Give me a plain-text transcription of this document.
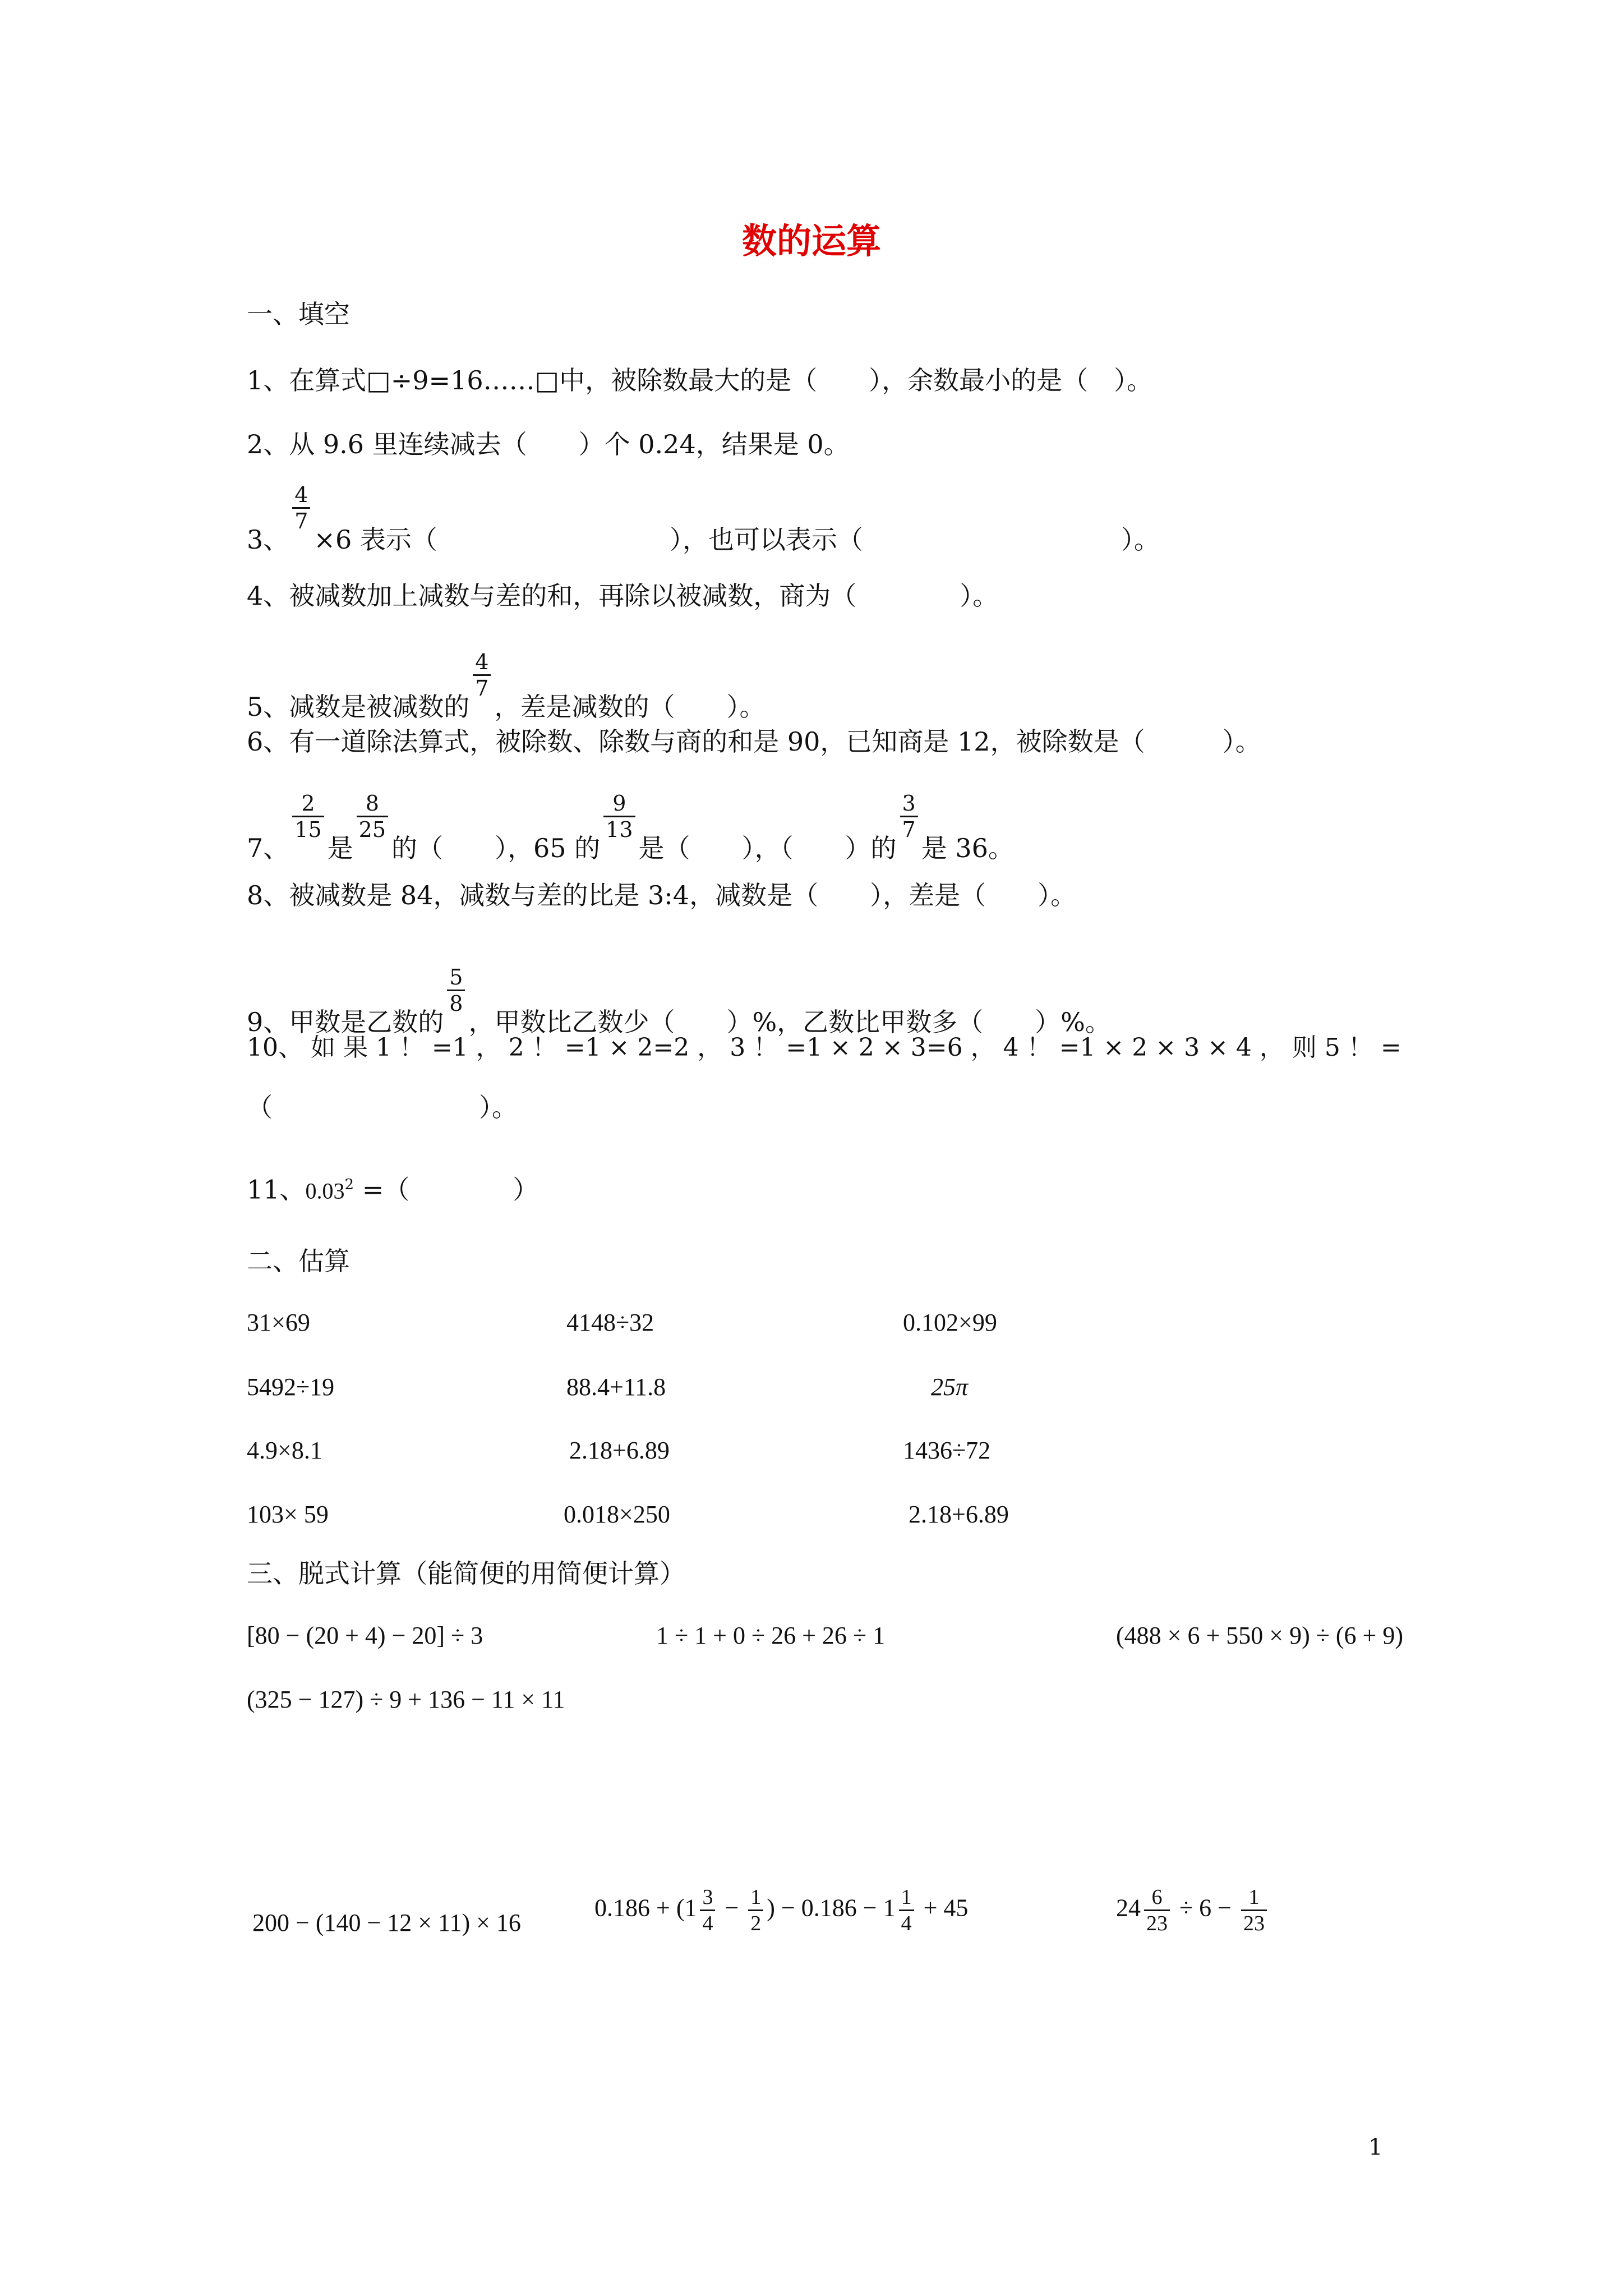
数的运算
一、填空
1、在算式□÷9=16……□中，被除数最大的是（　　），余数最小的是（　）。
2、从 9.6 里连续减去（　　）个 0.24，结果是 0。
3、
$\frac{4}{7}$
×6 表示（　　　　　　　　　），也可以表示（　　　　　　　　　　）。
4、被减数加上减数与差的和，再除以被减数，商为（　　　　）。
5、减数是被减数的
$\frac{4}{7}$
，差是减数的（　　）。
6、有一道除法算式，被除数、除数与商的和是 90，已知商是 12，被除数是（　　　）。
7、
$\frac{2}{15}$
是
$\frac{8}{25}$
的（　　），65 的
$\frac{9}{13}$
是（　　），（　　）的
$\frac{3}{7}$
是 36。
8、被减数是 84，减数与差的比是 3:4，减数是（　　），差是（　　）。
9、甲数是乙数的
$\frac{5}{8}$
，甲数比乙数少（　　）%，乙数比甲数多（　　）%。
10、 如 果 1 ！ =1 ， 2 ！ =1 × 2=2 ， 3 ！ =1 × 2 × 3=6 ， 4 ！ =1 × 2 × 3 × 4 ， 则 5 ！ =
（　　　　　　　　）。
11、$0.03^2$ =（　　　　）
二、估算
31×69	4148÷32	0.102×99
5492÷19	88.4+11.8	25π
4.9×8.1	2.18+6.89	1436÷72
103× 59	0.018×250	2.18+6.89
三、脱式计算（能简便的用简便计算）
[80 − (20 + 4) − 20] ÷ 3	1 ÷ 1 + 0 ÷ 26 + 26 ÷ 1	(488 × 6 + 550 × 9) ÷ (6 + 9)
(325 − 127) ÷ 9 + 136 − 11 × 11
200 − (140 − 12 × 11) × 16
$0.186 + (1 \frac{3}{4} - \frac{1}{2}$ ) − $0.186 - 1 \frac{1}{4} + 45$	$24 \frac{6}{23} \div 6 - \frac{1}{23}$
1
